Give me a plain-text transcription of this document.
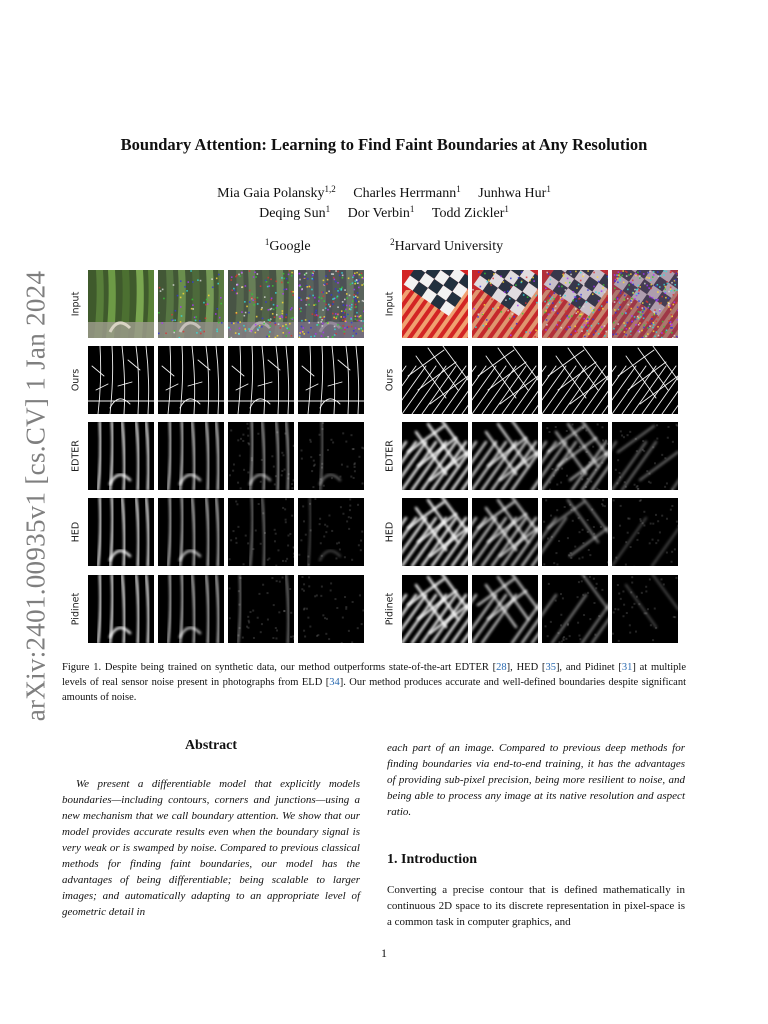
arXiv:2401.00935v1 [cs.CV] 1 Jan 2024
Boundary Attention: Learning to Find Faint Boundaries at Any Resolution
Mia Gaia Polansky$^{1,2}$ Charles Herrmann$^1$ Junhwa Hur$^1$
Deqing Sun$^1$ Dor Verbin$^1$ Todd Zickler$^1$
$^1$Google	$^2$Harvard University
Input
Ours
EDTER
HED
Pidinet
Input
Ours
EDTER
HED
Pidinet
Figure 1. Despite being trained on synthetic data, our method outperforms state-of-the-art EDTER [28], HED [35], and Pidinet [31] at multiple levels of real sensor noise present in photographs from ELD [34]. Our method produces accurate and well-defined boundaries despite significant amounts of noise.
Abstract

We present a differentiable model that explicitly models boundaries—including contours, corners and junctions—using a new mechanism that we call boundary attention. We show that our model provides accurate results even when the boundary signal is very weak or is swamped by noise. Compared to previous classical methods for finding faint boundaries, our model has the advantages of being differentiable; being scalable to larger images; and automatically adapting to an appropriate level of geometric detail in

each part of an image. Compared to previous deep methods for finding boundaries via end-to-end training, it has the advantages of providing sub-pixel precision, being more resilient to noise, and being able to process any image at its native resolution and aspect ratio.

1. Introduction

Converting a precise contour that is defined mathematically in continuous 2D space to its discrete representation in pixel-space is a common task in computer graphics, and

1
